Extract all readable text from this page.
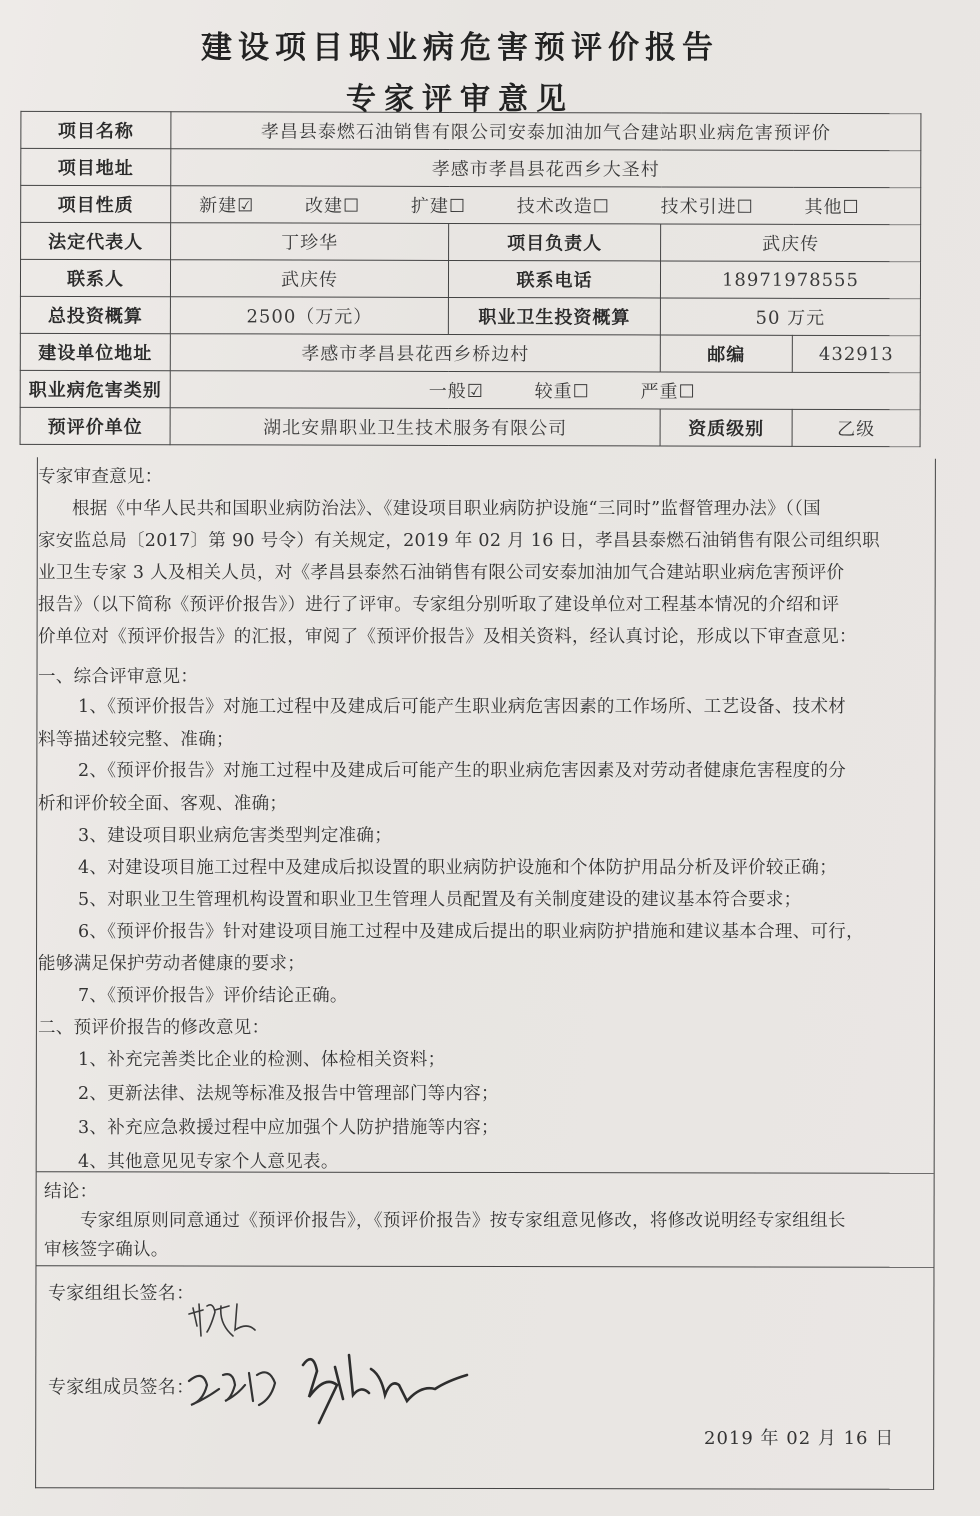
建设项目职业病危害预评价报告
专家评审意见
项目名称	孝昌县泰燃石油销售有限公司安泰加油加气合建站职业病危害预评价			
项目地址	孝感市孝昌县花西乡大圣村			
项目性质	新建☑ 改建☐ 扩建☐ 技术改造☐ 技术引进☐ 其他☐			
法定代表人	丁珍华	项目负责人	武庆传	
联系人	武庆传	联系电话	18971978555	
总投资概算	2500（万元）	职业卫生投资概算	50 万元	
建设单位地址	孝感市孝昌县花西乡桥边村		邮编	432913
职业病危害类别	一般☑ 较重☐ 严重☐			
预评价单位	湖北安鼎职业卫生技术服务有限公司		资质级别	乙级
专家审查意见：
根据《中华人民共和国职业病防治法》、《建设项目职业病防护设施“三同时”监督管理办法》（（国
家安监总局〔2017〕第 90 号令）有关规定，2019 年 02 月 16 日，孝昌县泰燃石油销售有限公司组织职
业卫生专家 3 人及相关人员，对《孝昌县泰然石油销售有限公司安泰加油加气合建站职业病危害预评价
报告》（以下简称《预评价报告》）进行了评审。专家组分别听取了建设单位对工程基本情况的介绍和评
价单位对《预评价报告》的汇报，审阅了《预评价报告》及相关资料，经认真讨论，形成以下审查意见：
一、综合评审意见：
1、《预评价报告》对施工过程中及建成后可能产生职业病危害因素的工作场所、工艺设备、技术材
料等描述较完整、准确；
2、《预评价报告》对施工过程中及建成后可能产生的职业病危害因素及对劳动者健康危害程度的分
析和评价较全面、客观、准确；
3、建设项目职业病危害类型判定准确；
4、对建设项目施工过程中及建成后拟设置的职业病防护设施和个体防护用品分析及评价较正确；
5、对职业卫生管理机构设置和职业卫生管理人员配置及有关制度建设的建议基本符合要求；
6、《预评价报告》针对建设项目施工过程中及建成后提出的职业病防护措施和建议基本合理、可行，
能够满足保护劳动者健康的要求；
7、《预评价报告》评价结论正确。
二、预评价报告的修改意见：
1、补充完善类比企业的检测、体检相关资料；
2、更新法律、法规等标准及报告中管理部门等内容；
3、补充应急救援过程中应加强个人防护措施等内容；
4、其他意见见专家个人意见表。
结论：
专家组原则同意通过《预评价报告》，《预评价报告》按专家组意见修改，将修改说明经专家组组长
审核签字确认。
专家组组长签名：
专家组成员签名：
2019 年 02 月 16 日
